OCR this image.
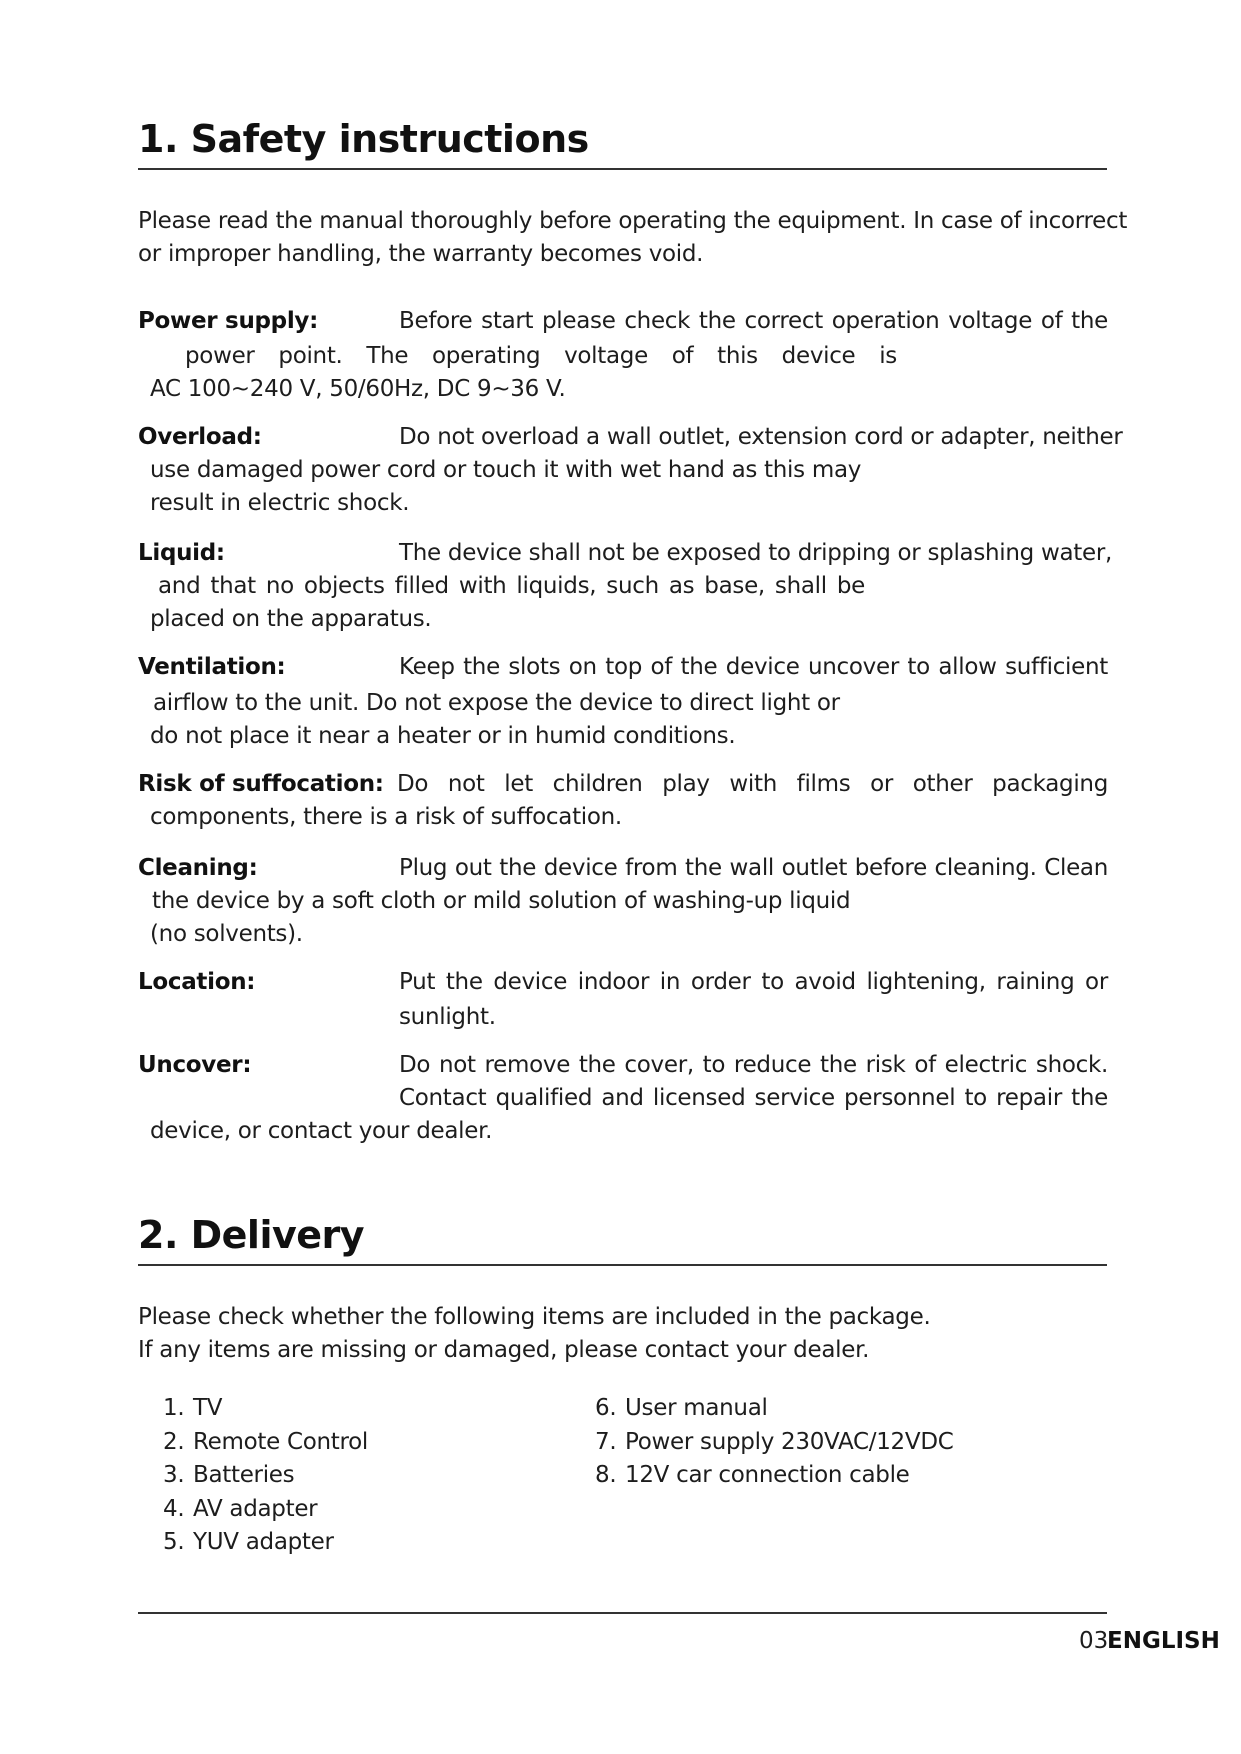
1. Safety instructions
Please read the manual thoroughly before operating the equipment. In case of incorrect
or improper handling, the warranty becomes void.
Power supply:	Before start please check the correct operation voltage of the
power point. The operating voltage of this device is
AC 100~240 V, 50/60Hz, DC 9~36 V.
Overload:	Do not overload a wall outlet, extension cord or adapter, neither
use damaged power cord or touch it with wet hand as this may
result in electric shock.
Liquid:	The device shall not be exposed to dripping or splashing water,
and that no objects filled with liquids, such as base, shall be
placed on the apparatus.
Ventilation:	Keep the slots on top of the device uncover to allow sufficient
airflow to the unit. Do not expose the device to direct light or
do not place it near a heater or in humid conditions.
Risk of suffocation: Do not let children play with films or other packaging
components, there is a risk of suffocation.
Cleaning:	Plug out the device from the wall outlet before cleaning. Clean
the device by a soft cloth or mild solution of washing-up liquid
(no solvents).
Location:	Put the device indoor in order to avoid lightening, raining or
sunlight.
Uncover:	Do not remove the cover, to reduce the risk of electric shock.
Contact qualified and licensed service personnel to repair the
device, or contact your dealer.
2. Delivery
Please check whether the following items are included in the package.
If any items are missing or damaged, please contact your dealer.
1. TV
2. Remote Control
3. Batteries
4. AV adapter
5. YUV adapter
6. User manual
7. Power supply 230VAC/12VDC
8. 12V car connection cable
03
ENGLISH
